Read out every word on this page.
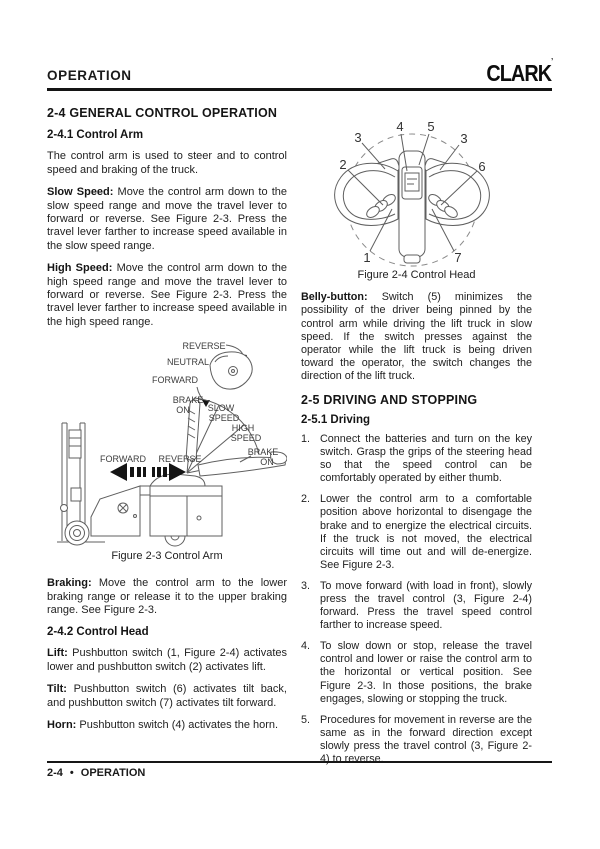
OPERATION	CLARK’
2-4 GENERAL CONTROL OPERATION
2-4.1 Control Arm

The control arm is used to steer and to control speed and braking of the truck.

Slow Speed: Move the control arm down to the slow speed range and move the travel lever to forward or reverse. See Figure 2-3. Press the travel lever farther to increase speed available in the slow speed range.

High Speed: Move the control arm down to the high speed range and move the travel lever to forward or reverse. See Figure 2-3. Press the travel lever farther to increase speed available in the high speed range.

REVERSE
NEUTRAL
FORWARD
BRAKE
ON SLOW
SPEED
HIGH
SPEED
BRAKE
ON
FORWARD REVERSE
Figure 2-3 Control Arm

Braking: Move the control arm to the lower braking range or release it to the upper braking range. See Figure 2-3.

2-4.2 Control Head

Lift: Pushbutton switch (1, Figure 2-4) activates lower and pushbutton switch (2) activates lift.

Tilt: Pushbutton switch (6) activates tilt back, and pushbutton switch (7) activates tilt forward.

Horn: Pushbutton switch (4) activates the horn.

3
4 5
3
2	6
1	7
Figure 2-4 Control Head

Belly-button: Switch (5) minimizes the possibility of the driver being pinned by the control arm while driving the lift truck in slow speed. If the switch presses against the operator while the lift truck is being driven toward the operator, the switch changes the direction of the lift truck.

2-5 DRIVING AND STOPPING
2-5.1 Driving
1. Connect the batteries and turn on the key switch. Grasp the grips of the steering head so that the speed control can be comfortably operated by either thumb.
2. Lower the control arm to a comfortable position above horizontal to disengage the brake and to energize the electrical circuits. If the truck is not moved, the electrical circuits will time out and will de-energize. See Figure 2-3.
3. To move forward (with load in front), slowly press the travel control (3, Figure 2-4) forward. Press the travel speed control farther to increase speed.
4. To slow down or stop, release the travel control and lower or raise the control arm to the horizontal or vertical position. See Figure 2-3. In those positions, the brake engages, slowing or stopping the truck.
5. Procedures for movement in reverse are the same as in the forward direction except slowly press the travel control (3, Figure 2-4) to reverse.
2-4 • OPERATION
